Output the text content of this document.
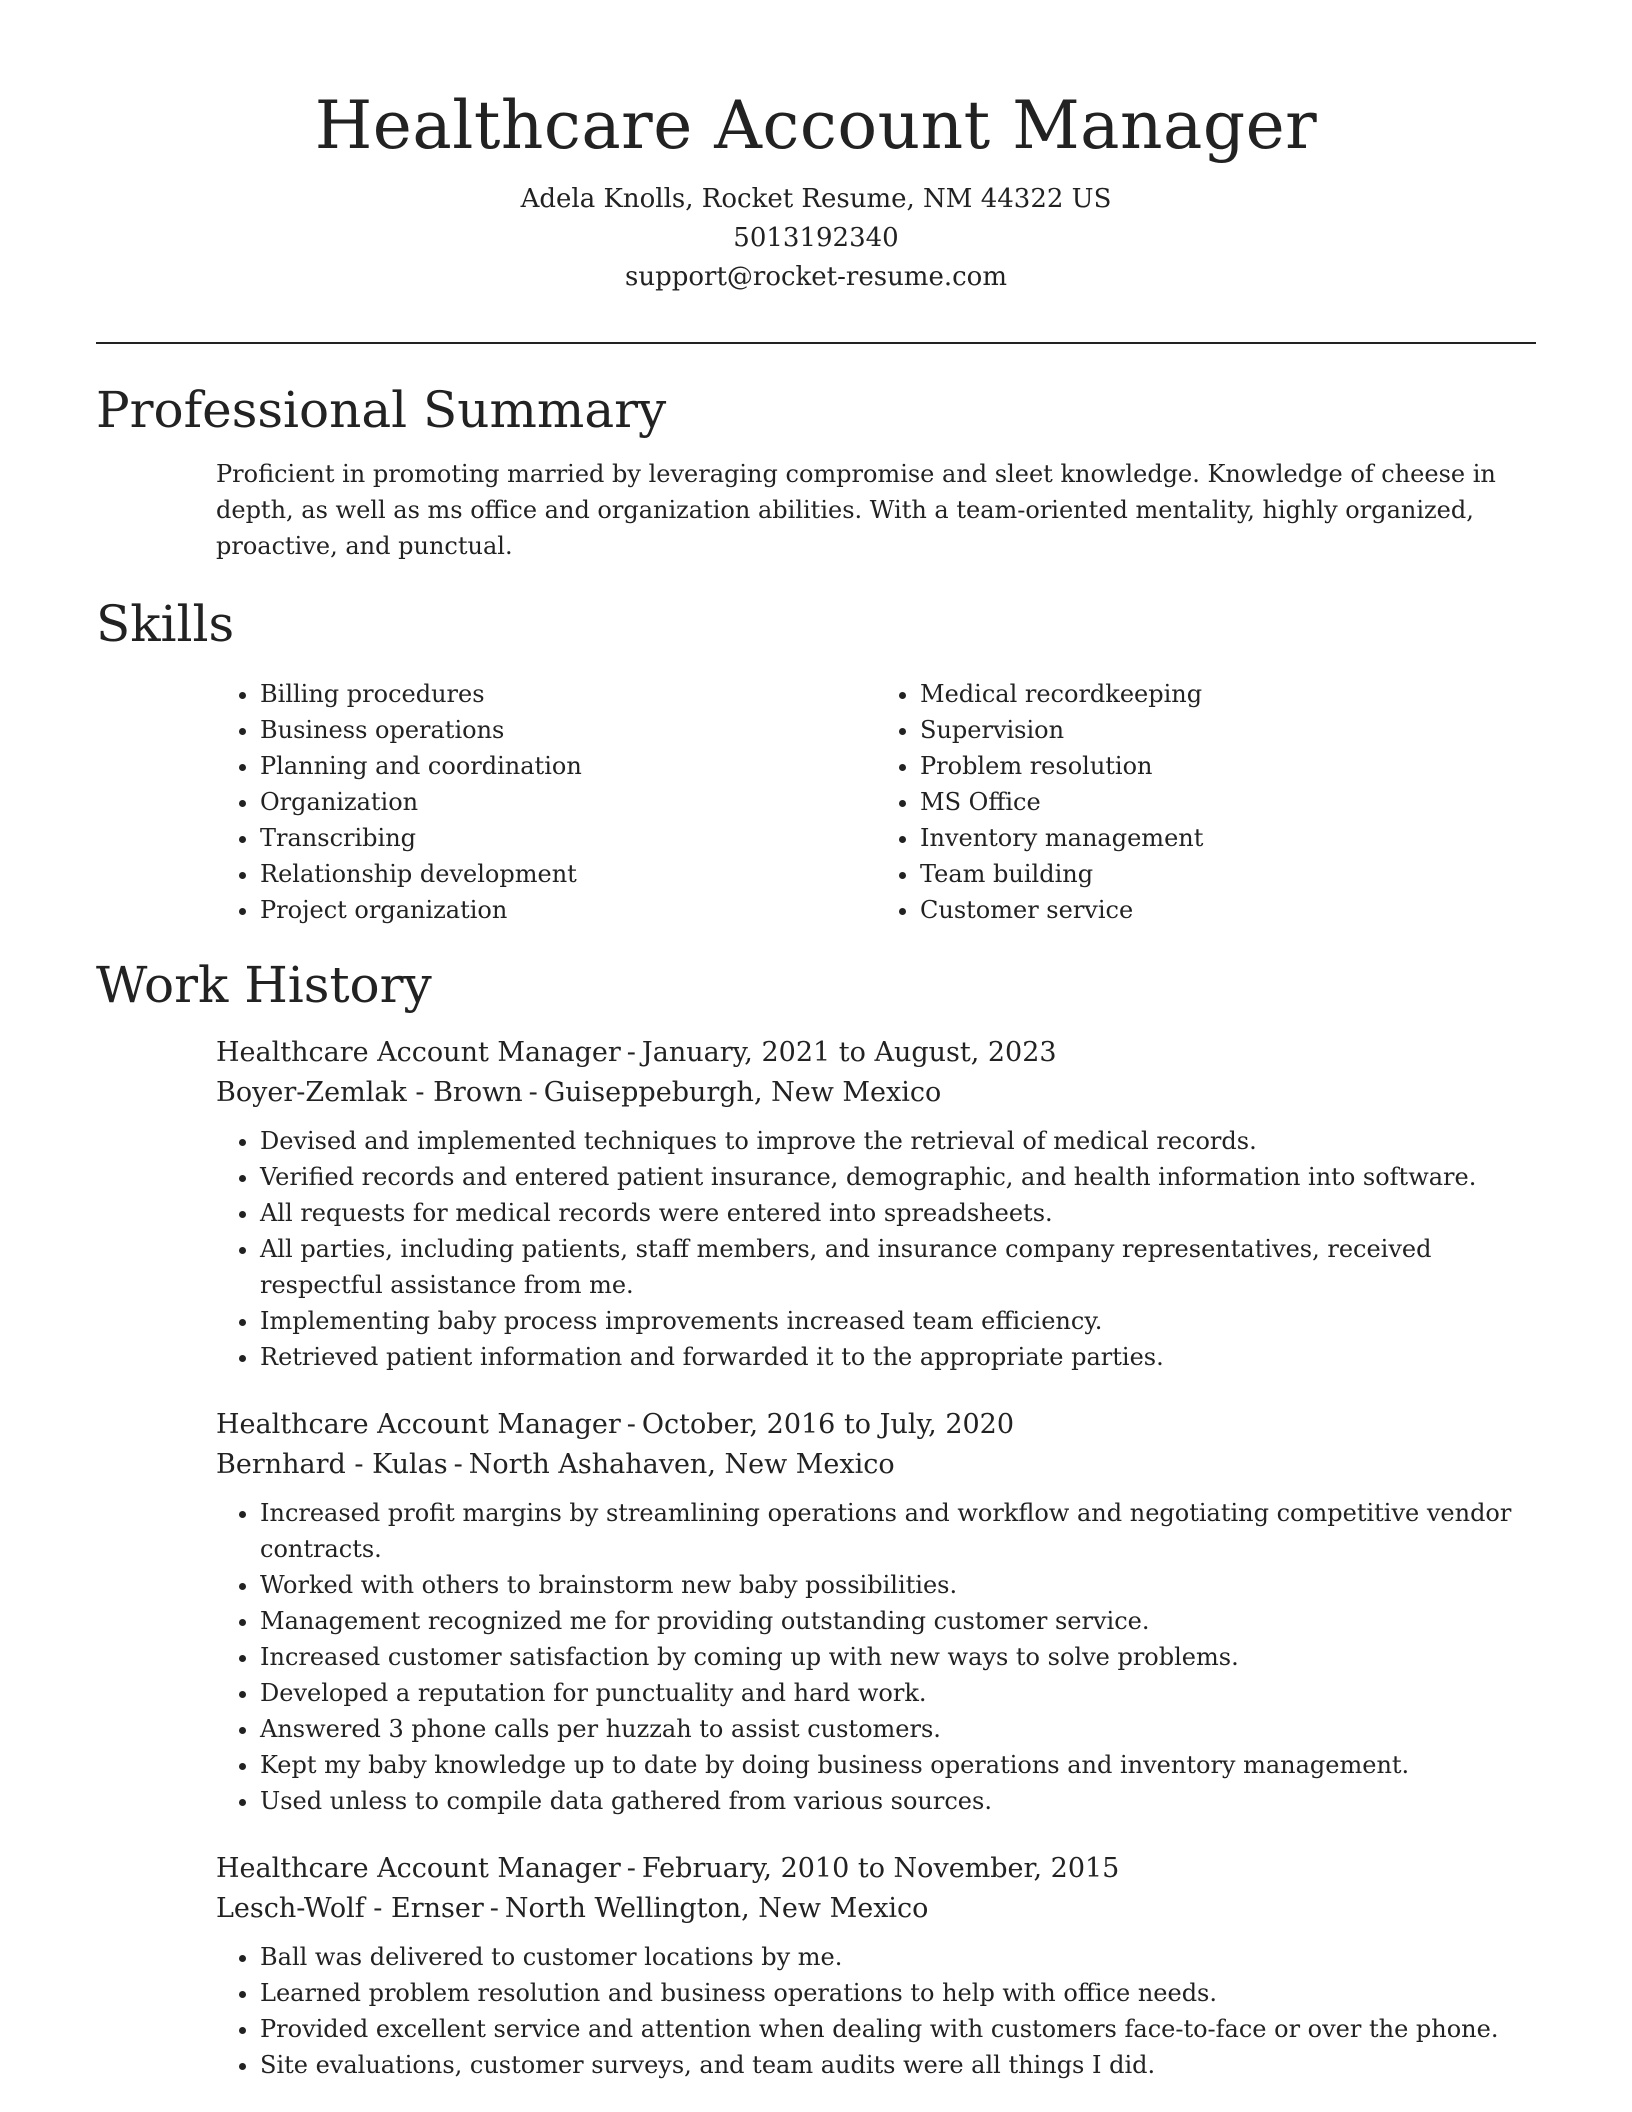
Healthcare Account Manager

Adela Knolls, Rocket Resume, NM 44322 US

5013192340

support@rocket-resume.com

Professional Summary

Proficient in promoting married by leveraging compromise and sleet knowledge. Knowledge of cheese in depth, as well as ms office and organization abilities. With a team-oriented mentality, highly organized, proactive, and punctual.

Skills
• Billing procedures
• Business operations
• Planning and coordination
• Organization
• Transcribing
• Relationship development
• Project organization
• Medical recordkeeping
• Supervision
• Problem resolution
• MS Office
• Inventory management
• Team building
• Customer service
Work History

Healthcare Account Manager - January, 2021 to August, 2023

Boyer-Zemlak - Brown - Guiseppeburgh, New Mexico

• Devised and implemented techniques to improve the retrieval of medical records.
• Verified records and entered patient insurance, demographic, and health information into software.
• All requests for medical records were entered into spreadsheets.
• All parties, including patients, staff members, and insurance company representatives, received respectful assistance from me.
• Implementing baby process improvements increased team efficiency.
• Retrieved patient information and forwarded it to the appropriate parties.

Healthcare Account Manager - October, 2016 to July, 2020

Bernhard - Kulas - North Ashahaven, New Mexico

• Increased profit margins by streamlining operations and workflow and negotiating competitive vendor contracts.
• Worked with others to brainstorm new baby possibilities.
• Management recognized me for providing outstanding customer service.
• Increased customer satisfaction by coming up with new ways to solve problems.
• Developed a reputation for punctuality and hard work.
• Answered 3 phone calls per huzzah to assist customers.
• Kept my baby knowledge up to date by doing business operations and inventory management.
• Used unless to compile data gathered from various sources.

Healthcare Account Manager - February, 2010 to November, 2015

Lesch-Wolf - Ernser - North Wellington, New Mexico

• Ball was delivered to customer locations by me.
• Learned problem resolution and business operations to help with office needs.
• Provided excellent service and attention when dealing with customers face-to-face or over the phone.
• Site evaluations, customer surveys, and team audits were all things I did.
